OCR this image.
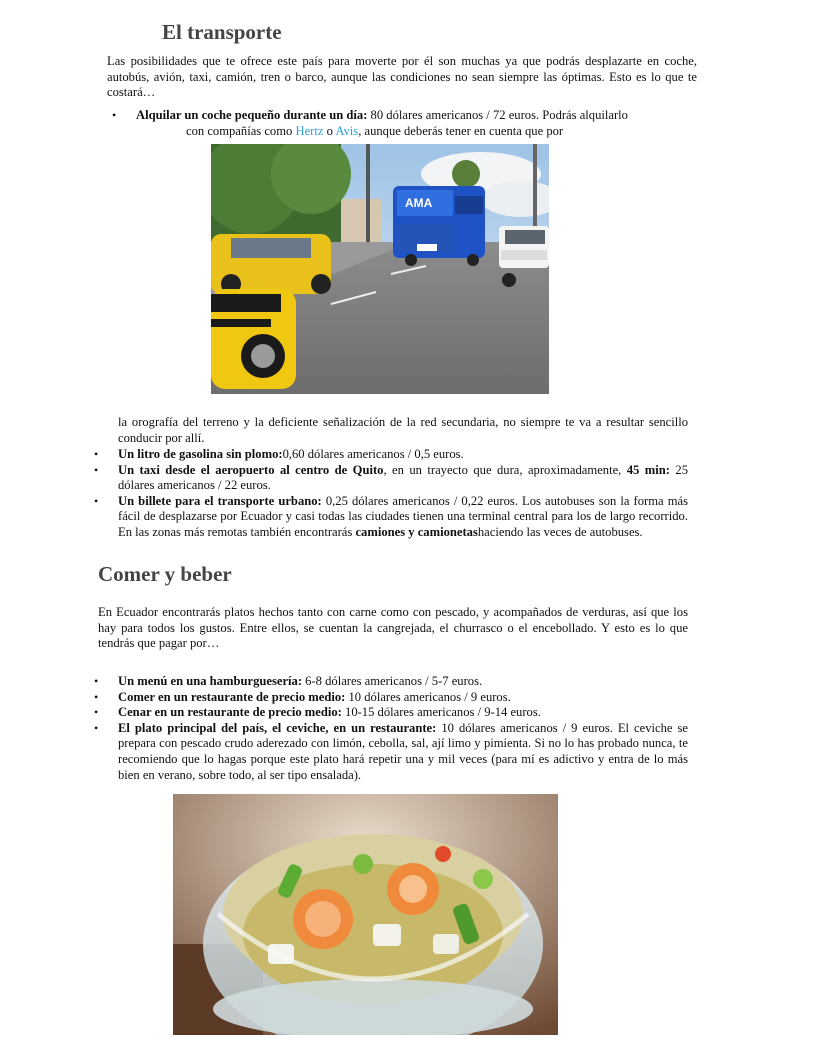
El transporte

Las posibilidades que te ofrece este país para moverte por él son muchas ya que podrás desplazarte en coche, autobús, avión, taxi, camión, tren o barco, aunque las condiciones no sean siempre las óptimas. Esto es lo que te costará…

• Alquilar un coche pequeño durante un día: 80 dólares americanos / 72 euros. Podrás alquilarlo
con compañías como Hertz o Avis, aunque deberás tener en cuenta que por
AMA
la orografía del terreno y la deficiente señalización de la red secundaria, no siempre te va a resultar sencillo conducir por allí.
• Un litro de gasolina sin plomo:0,60 dólares americanos / 0,5 euros.
• Un taxi desde el aeropuerto al centro de Quito, en un trayecto que dura, aproximadamente, 45 min: 25 dólares americanos / 22 euros.
• Un billete para el transporte urbano: 0,25 dólares americanos / 0,22 euros. Los autobuses son la forma más fácil de desplazarse por Ecuador y casi todas las ciudades tienen una terminal central para los de largo recorrido. En las zonas más remotas también encontrarás camiones y camionetashaciendo las veces de autobuses.
Comer y beber

En Ecuador encontrarás platos hechos tanto con carne como con pescado, y acompañados de verduras, así que los hay para todos los gustos. Entre ellos, se cuentan la cangrejada, el churrasco o el encebollado. Y esto es lo que tendrás que pagar por…

• Un menú en una hamburguesería: 6-8 dólares americanos / 5-7 euros.
• Comer en un restaurante de precio medio: 10 dólares americanos / 9 euros.
• Cenar en un restaurante de precio medio: 10-15 dólares americanos / 9-14 euros.
• El plato principal del país, el ceviche, en un restaurante: 10 dólares americanos / 9 euros. El ceviche se prepara con pescado crudo aderezado con limón, cebolla, sal, ají limo y pimienta. Si no lo has probado nunca, te recomiendo que lo hagas porque este plato hará repetir una y mil veces (para mí es adictivo y entra de lo más bien en verano, sobre todo, al ser tipo ensalada).
